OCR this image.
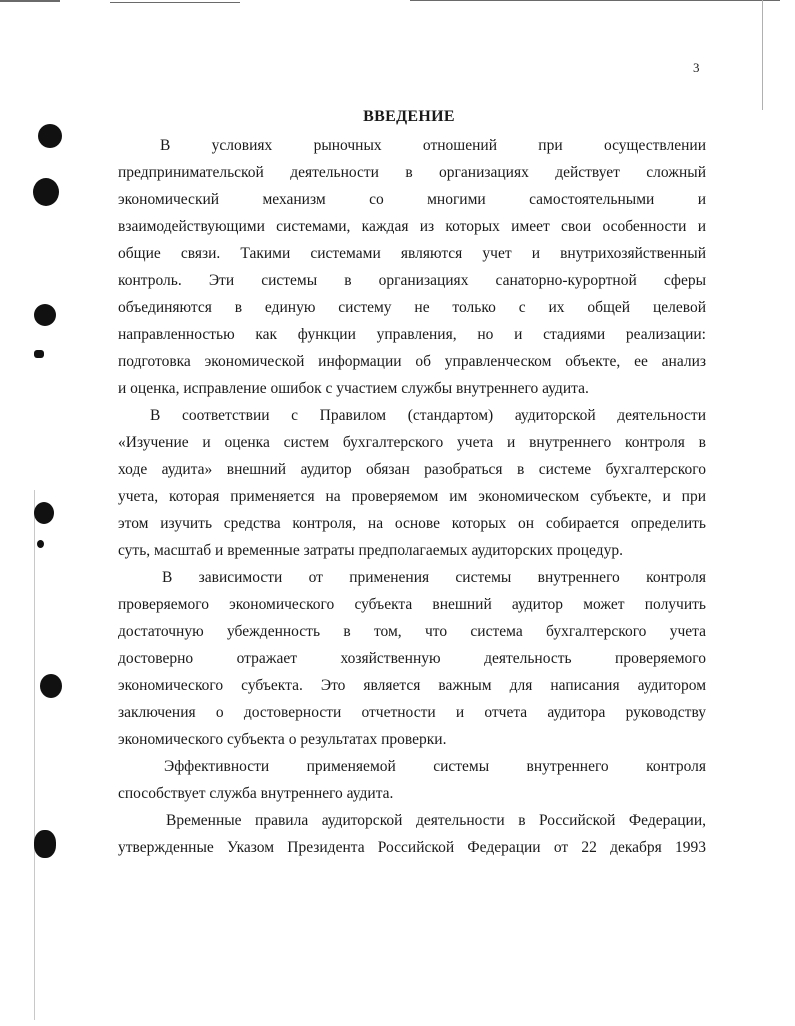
3
ВВЕДЕНИЕ
В условиях рыночных отношений при осуществлении
предпринимательской деятельности в организациях действует сложный
экономический механизм со многими самостоятельными и
взаимодействующими системами, каждая из которых имеет свои особенности и
общие связи. Такими системами являются учет и внутрихозяйственный
контроль. Эти системы в организациях санаторно-курортной сферы
объединяются в единую систему не только с их общей целевой
направленностью как функции управления, но и стадиями реализации:
подготовка экономической информации об управленческом объекте, ее анализ
и оценка, исправление ошибок с участием службы внутреннего аудита.
В соответствии с Правилом (стандартом) аудиторской деятельности
«Изучение и оценка систем бухгалтерского учета и внутреннего контроля в
ходе аудита» внешний аудитор обязан разобраться в системе бухгалтерского
учета, которая применяется на проверяемом им экономическом субъекте, и при
этом изучить средства контроля, на основе которых он собирается определить
суть, масштаб и временные затраты предполагаемых аудиторских процедур.
В зависимости от применения системы внутреннего контроля
проверяемого экономического субъекта внешний аудитор может получить
достаточную убежденность в том, что система бухгалтерского учета
достоверно отражает хозяйственную деятельность проверяемого
экономического субъекта. Это является важным для написания аудитором
заключения о достоверности отчетности и отчета аудитора руководству
экономического субъекта о результатах проверки.
Эффективности применяемой системы внутреннего контроля
способствует служба внутреннего аудита.
Временные правила аудиторской деятельности в Российской Федерации,
утвержденные Указом Президента Российской Федерации от 22 декабря 1993
